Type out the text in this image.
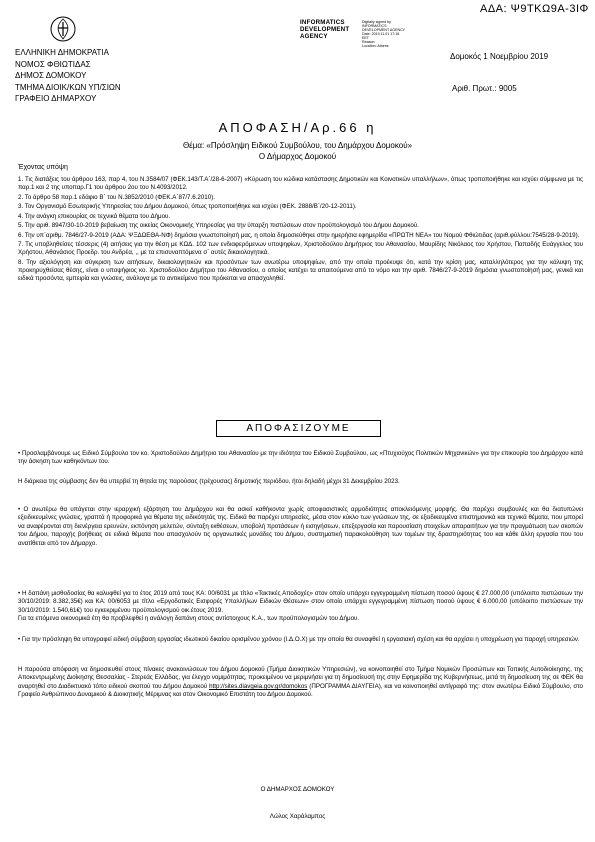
ΑΔΑ: Ψ9ΤΚΩ9Α-3ΙΦ
ΕΛΛΗΝΙΚΗ ΔΗΜΟΚΡΑΤΙΑ
ΝΟΜΟΣ ΦΘΙΩΤΙΔΑΣ
ΔΗΜΟΣ ΔΟΜΟΚΟΥ
ΤΜΗΜΑ ΔΙΟΙΚ/ΚΩΝ ΥΠ/ΣΙΩΝ
ΓΡΑΦΕΙΟ ΔΗΜΑΡΧΟΥ
INFORMATICS
DEVELOPMENT
AGENCY
Digitally signed by
INFORMATICS
DEVELOPMENT AGENCY
Date: 2019.11.01 17:16
EET
Reason:
Location: Athens
Δομοκός 1 Νοεμβρίου 2019
Αριθ. Πρωτ.: 9005
ΑΠΟΦΑΣΗ/Αρ.66 η
Θέμα: «Πρόσληψη Ειδικού Συμβούλου, του Δημάρχου Δομοκού»
Ο Δήμαρχος Δομοκού
Έχοντας υπόψη
1. Τις διατάξεις του άρθρου 163, παρ 4, του Ν.3584/07 (ΦΕΚ.143/Τ.Α΄/28-6-2007) «Κύρωση του κώδικα κατάστασης Δημοτικών και Κοινοτικών υπαλλήλων», όπως τροποποιήθηκε και ισχύει σύμφωνα με τις παρ.1 και 2 της υποπαρ.Γ1 του άρθρου 2ου του Ν.4093/2012.
2. Το άρθρο 58 παρ.1 εδάφιο Β΄ του Ν.3852/2010 (ΦΕΚ.Α΄87/7.6.2010).
3. Τον Οργανισμό Εσωτερικής Υπηρεσίας του Δήμου Δομοκού, όπως τροποποιήθηκε και ισχύει (ΦΕΚ. 2888/Β΄/20-12-2011).
4. Την ανάγκη επικουρίας σε τεχνικά θέματα του Δήμου.
5. Την αριθ. 8947/30-10-2019 βεβαίωση της οικείας Οικονομικής Υπηρεσίας για την ύπαρξη πιστώσεων στον προϋπολογισμό του Δήμου Δομοκού.
6. Την υπ΄αριθμ. 7846/27-9-2019 (ΑΔΑ: ΨΞΔΩΕΘΑ-ΝΦ) δημόσια γνωστοποίησή μας, η οποία δημοσιεύθηκε στην ημερήσια εφημερίδα «ΠΡΩΤΗ ΝΕΑ» του Νομού Φθιώτιδας (αριθ.φύλλου:7545/28-9-2019).
7. Τις υποβληθείσες τέσσερις (4) αιτήσεις για την θέση με ΚΩΔ. 102 των ενδιαφερόμενων υποψηφίων, Χριστοδούλου Δημήτριος του Αθανασίου, Μαυρίδης Νικόλαος του Χρήστου, Παπαδής Ευάγγελος του Χρήστου, Αθανάσιος Προεδρ. του Ανδρέα, ,, με τα επισυναπτόμενα σ΄ αυτές δικαιολογητικά.
8. Την αξιολόγηση και σύγκριση των αιτήσεων, δικαιολογητικών και προσόντων των ανωτέρω υποψηφίων, από την οποία προέκυψε ότι, κατά την κρίση μας, καταλληλότερος για την κάλυψη της προκηρυχθείσας θέσης, είναι ο υποψήφιος κο. Χριστοδούλου Δημήτριο του Αθανασίου, ο οποίος κατέχει τα απαιτούμενα από το νόμο και την αριθ. 7846/27-9-2019 δημόσια γνωστοποίησή μας, γενικά και ειδικά προσόντα, εμπειρία και γνώσεις, ανάλογα με το αντικείμενο που πρόκειται να απασχοληθεί.
ΑΠΟΦΑΣΙΖΟΥΜΕ
• Προσλαμβάνουμε ως Ειδικό Σύμβουλο τον κο. Χριστοδούλου Δημήτριο του Αθανασίου με την ιδιότητα του Ειδικού Συμβούλου, ως «Πτυχιούχος Πολιτικών Μηχανικών» για την επικουρία του Δημάρχου κατά την άσκηση των καθηκόντων του.
Η διάρκεια της σύμβασης δεν θα υπερβεί τη θητεία της παρούσας (τρέχουσας) δημοτικής περιόδου, ήτοι δηλαδή μέχρι 31 Δεκεμβρίου 2023.
• Ο ανωτέρω θα υπάγεται στην ιεραρχική εξάρτηση του Δημάρχου και θα ασκεί καθήκοντα χωρίς αποφασιστικές αρμοδιότητες αποκλειόμενης μορφής. Θα παρέχει συμβουλές και θα διατυπώνει εξειδικευμένες γνώσεις, γραπτά ή προφορικά για θέματα της ειδικότητάς της. Ειδικά θα παρέχει υπηρεσίες, μέσα στον κύκλο των γνώσεων της, σε εξειδικευμένα επιστημονικά και τεχνικά θέματα, που μπορεί να αναφέρονται στη διενέργεια ερευνών, εκπόνηση μελετών, σύνταξη εκθέσεων, υποβολή προτάσεων ή εισηγήσεων, επεξεργασία και παρουσίαση στοιχείων απαραιτήτων για την πραγμάτωση των σκοπών του Δήμου, παροχής βοήθειας σε ειδικά θέματα που απασχολούν τις οργανωτικές μονάδες του Δήμου, συστηματική παρακολούθηση των τομέων της δραστηριότητας του και κάθε άλλη εργασία που του ανατίθεται από τον Δήμαρχο.
• Η δαπάνη μισθοδοσίας θα καλυφθεί για το έτος 2019 από τους ΚΑ: 00/6031 με τίτλο «Τακτικές Αποδοχές» στον οποίο υπάρχει εγγεγραμμένη πίστωση ποσού ύψους € 27.000,00 (υπόλοιπο πιστώσεων την 30/10/2019: 8.382,35€) και ΚΑ: 00/6053 με τίτλο «Εργοδοτικές Εισφορές Υπαλλήλων Ειδικών Θέσεων» στον οποίο υπάρχει εγγεγραμμένη πίστωση ποσού ύψους € 6.000,00 (υπόλοιπο πιστώσεων την 30/10/2019: 1.540,61€) του εγκεκριμένου προϋπολογισμού οικ.έτους 2019.
Για τα επόμενα οικονομικά έτη θα προβλεφθεί η ανάλογη δαπάνη στους αντίστοιχους Κ.Α., των προϋπολογισμών του Δήμου.
• Για την πρόσληψη θα υπογραφεί ειδική σύμβαση εργασίας ιδιωτικού δικαίου ορισμένου χρόνου (Ι.Δ.Ο.Χ) με την οποία θα συναφθεί η εργασιακή σχέση και θα αρχίσει η υποχρέωση για παροχή υπηρεσιών.
Η παρούσα απόφαση να δημοσιευθεί στους πίνακες ανακοινώσεων του Δήμου Δομοκού (Τμήμα Διοικητικών Υπηρεσιών), να κοινοποιηθεί στο Τμήμα Νομικών Προσώπων και Τοπικής Αυτοδιοίκησης, της Αποκεντρωμένης Διοίκησης Θεσσαλίας - Στερεάς Ελλάδας, για έλεγχο νομιμότητας, προκειμένου να μεριμνήσει για τη δημοσίευσή της στην Εφημερίδα της Κυβερνήσεως, μετά τη δημοσίευση της σε ΦΕΚ θα αναρτηθεί στο Διαδικτυακό τόπο ειδικού σκοπού του Δήμου Δομοκού http://sites.diavgeia.gov.gr/domokos (ΠΡΟΓΡΑΜΜΑ ΔΙΑΥΓΕΙΑ), και να κοινοποιηθεί αντίγραφό της: στον ανωτέρω Ειδικό Σύμβουλο, στο Γραφείο Ανθρώπινου Δυναμικού & Διοικητικής Μέριμνας και στον Οικονομικό Επιστάτη του Δήμου Δομοκού.
Ο ΔΗΜΑΡΧΟΣ ΔΟΜΟΚΟΥ
Λώλος Χαράλαμπος
